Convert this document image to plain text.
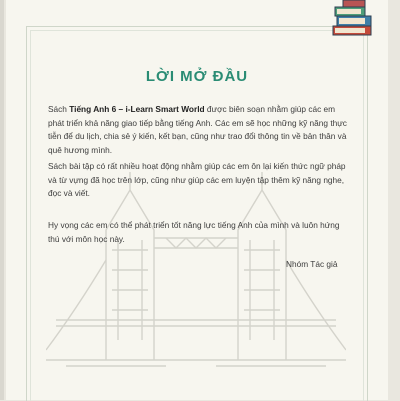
LỜI MỞ ĐẦU
Sách Tiếng Anh 6 – i-Learn Smart World được biên soạn nhằm giúp các em phát triển khả năng giao tiếp bằng tiếng Anh. Các em sẽ học những kỹ năng thực tiễn để du lịch, chia sẻ ý kiến, kết bạn, cũng như trao đổi thông tin về bản thân và quê hương mình.
Sách bài tập có rất nhiều hoạt động nhằm giúp các em ôn lại kiến thức ngữ pháp và từ vựng đã học trên lớp, cũng như giúp các em luyện tập thêm kỹ năng nghe, đọc và viết.
Hy vọng các em có thể phát triển tốt năng lực tiếng Anh của mình và luôn hứng thú với môn học này.
Nhóm Tác giả
